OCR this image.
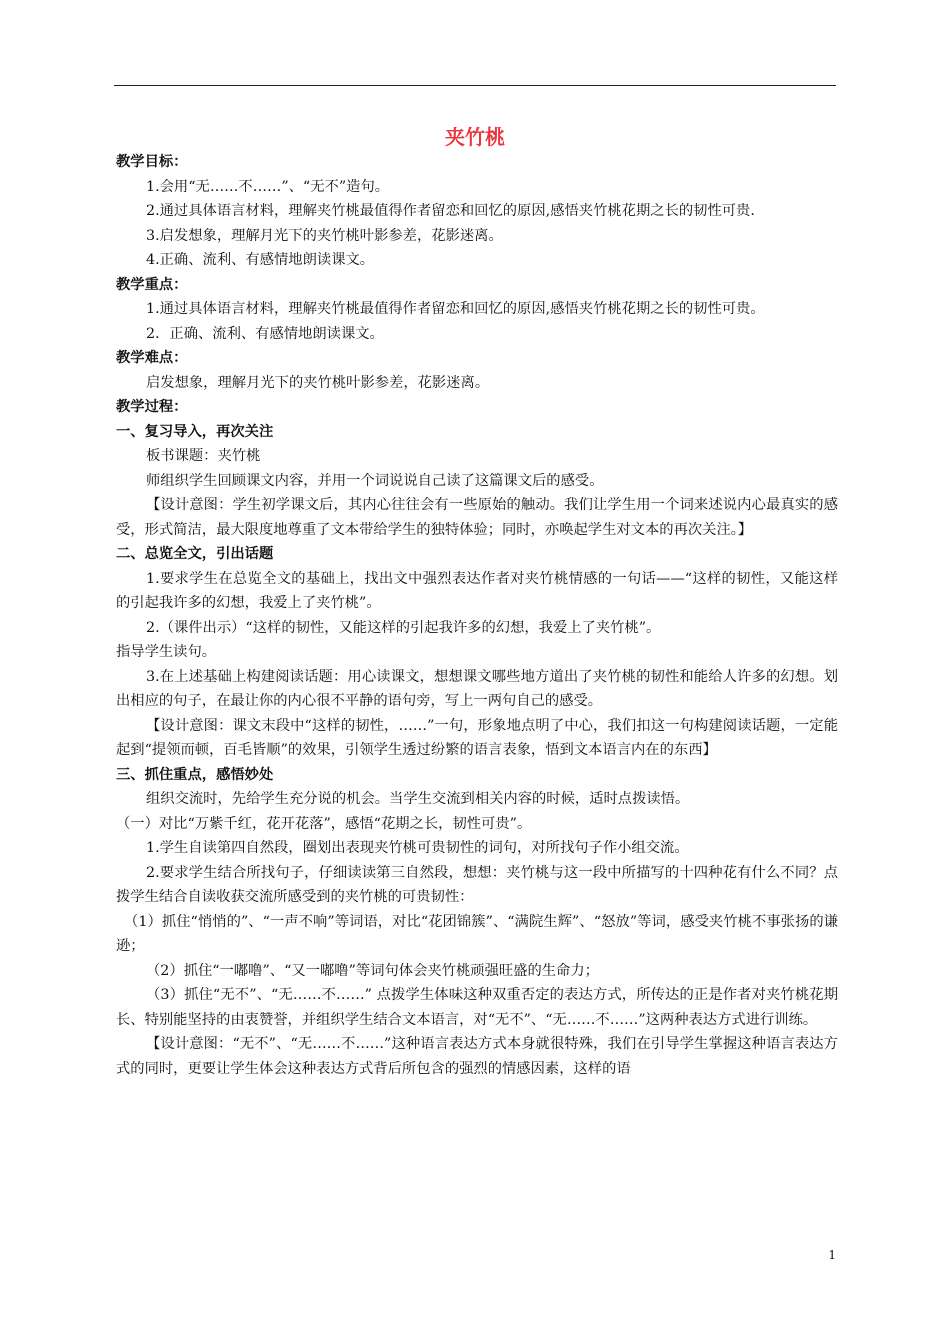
夹竹桃

教学目标：

1.会用“无……不……”、“无不”造句。

2.通过具体语言材料，理解夹竹桃最值得作者留恋和回忆的原因,感悟夹竹桃花期之长的韧性可贵.

3.启发想象，理解月光下的夹竹桃叶影参差，花影迷离。

4.正确、流利、有感情地朗读课文。

教学重点：

1.通过具体语言材料，理解夹竹桃最值得作者留恋和回忆的原因,感悟夹竹桃花期之长的韧性可贵。

2．正确、流利、有感情地朗读课文。

教学难点：

启发想象，理解月光下的夹竹桃叶影参差，花影迷离。

教学过程：

一、复习导入，再次关注

板书课题：夹竹桃

师组织学生回顾课文内容，并用一个词说说自己读了这篇课文后的感受。

【设计意图：学生初学课文后，其内心往往会有一些原始的触动。我们让学生用一个词来述说内心最真实的感受，形式简洁，最大限度地尊重了文本带给学生的独特体验；同时，亦唤起学生对文本的再次关注。】

二、总览全文，引出话题

1.要求学生在总览全文的基础上，找出文中强烈表达作者对夹竹桃情感的一句话——“这样的韧性，又能这样的引起我许多的幻想，我爱上了夹竹桃”。

2.（课件出示）“这样的韧性，又能这样的引起我许多的幻想，我爱上了夹竹桃”。

指导学生读句。

3.在上述基础上构建阅读话题：用心读课文，想想课文哪些地方道出了夹竹桃的韧性和能给人许多的幻想。划出相应的句子，在最让你的内心很不平静的语句旁，写上一两句自己的感受。

【设计意图：课文末段中“这样的韧性，……”一句，形象地点明了中心，我们扣这一句构建阅读话题，一定能起到“提领而顿，百毛皆顺”的效果，引领学生透过纷繁的语言表象，悟到文本语言内在的东西】

三、抓住重点，感悟妙处

组织交流时，先给学生充分说的机会。当学生交流到相关内容的时候，适时点拨读悟。

（一）对比“万紫千红，花开花落”，感悟“花期之长，韧性可贵”。

1.学生自读第四自然段，圈划出表现夹竹桃可贵韧性的词句，对所找句子作小组交流。

2.要求学生结合所找句子，仔细读读第三自然段，想想：夹竹桃与这一段中所描写的十四种花有什么不同？点拨学生结合自读收获交流所感受到的夹竹桃的可贵韧性：

（1）抓住“悄悄的”、“一声不响”等词语，对比“花团锦簇”、“满院生辉”、“怒放”等词，感受夹竹桃不事张扬的谦逊；

（2）抓住“一嘟噜”、“又一嘟噜”等词句体会夹竹桃顽强旺盛的生命力；

（3）抓住“无不”、“无……不……” 点拨学生体味这种双重否定的表达方式，所传达的正是作者对夹竹桃花期长、特别能坚持的由衷赞誉，并组织学生结合文本语言，对“无不”、“无……不……”这两种表达方式进行训练。

【设计意图：“无不”、“无……不……”这种语言表达方式本身就很特殊，我们在引导学生掌握这种语言表达方式的同时，更要让学生体会这种表达方式背后所包含的强烈的情感因素，这样的语

1
